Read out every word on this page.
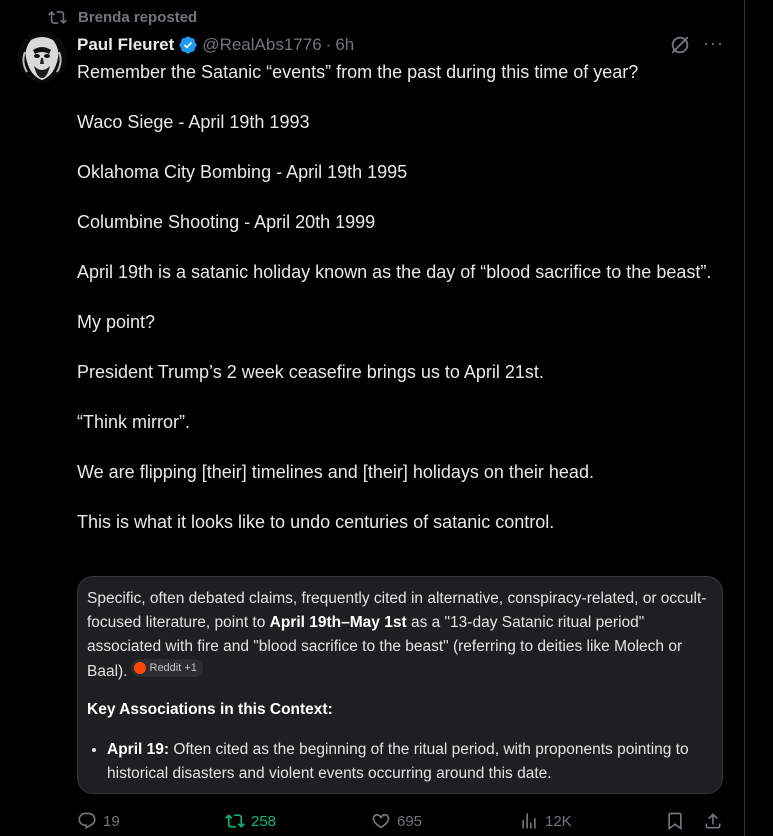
Brenda reposted
Paul Fleuret @RealAbs1776 · 6h	···

Remember the Satanic “events” from the past during this time of year?

Waco Siege - April 19th 1993

Oklahoma City Bombing - April 19th 1995

Columbine Shooting - April 20th 1999

April 19th is a satanic holiday known as the day of “blood sacrifice to the beast”.

My point?

President Trump’s 2 week ceasefire brings us to April 21st.

“Think mirror”.

We are flipping [their] timelines and [their] holidays on their head.

This is what it looks like to undo centuries of satanic control.

Specific, often debated claims, frequently cited in alternative, conspiracy-related, or occult-focused literature, point to April 19th–May 1st as a "13-day Satanic ritual period" associated with fire and "blood sacrifice to the beast" (referring to deities like Molech or Baal). Reddit +1

Key Associations in this Context:

• April 19: Often cited as the beginning of the ritual period, with proponents pointing to historical disasters and violent events occurring around this date.
19	258	695	12K
